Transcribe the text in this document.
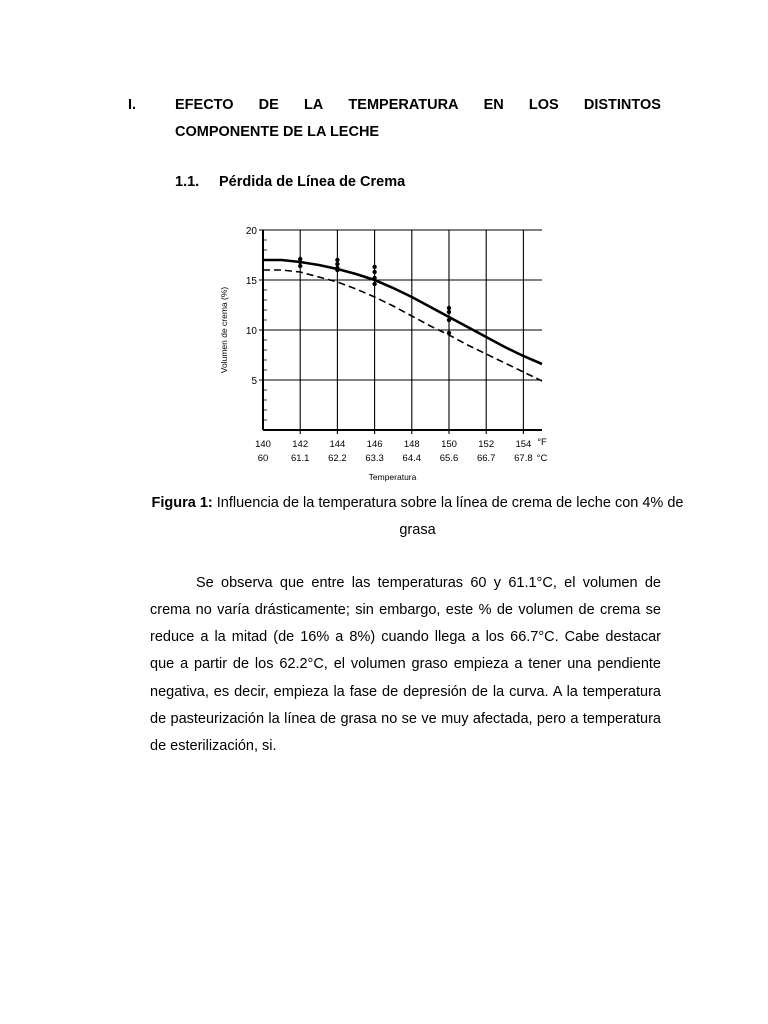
I.	EFECTO DE LA TEMPERATURA EN LOS DISTINTOS
COMPONENTE DE LA LECHE
1.1. Pérdida de Línea de Crema
5
10
15
20
140 142 144 146 148 150 152 154
60 61.1 62.2 63.3 64.4 65.6 66.7 67.8
°F
°C
Volumen de crema (%)
Temperatura
Figura 1: Influencia de la temperatura sobre la línea de crema de leche con 4% de grasa

Se observa que entre las temperaturas 60 y 61.1°C, el volumen de crema no varía drásticamente; sin embargo, este % de volumen de crema se reduce a la mitad (de 16% a 8%) cuando llega a los 66.7°C. Cabe destacar que a partir de los 62.2°C, el volumen graso empieza a tener una pendiente negativa, es decir, empieza la fase de depresión de la curva. A la temperatura de pasteurización la línea de grasa no se ve muy afectada, pero a temperatura de esterilización, si.
